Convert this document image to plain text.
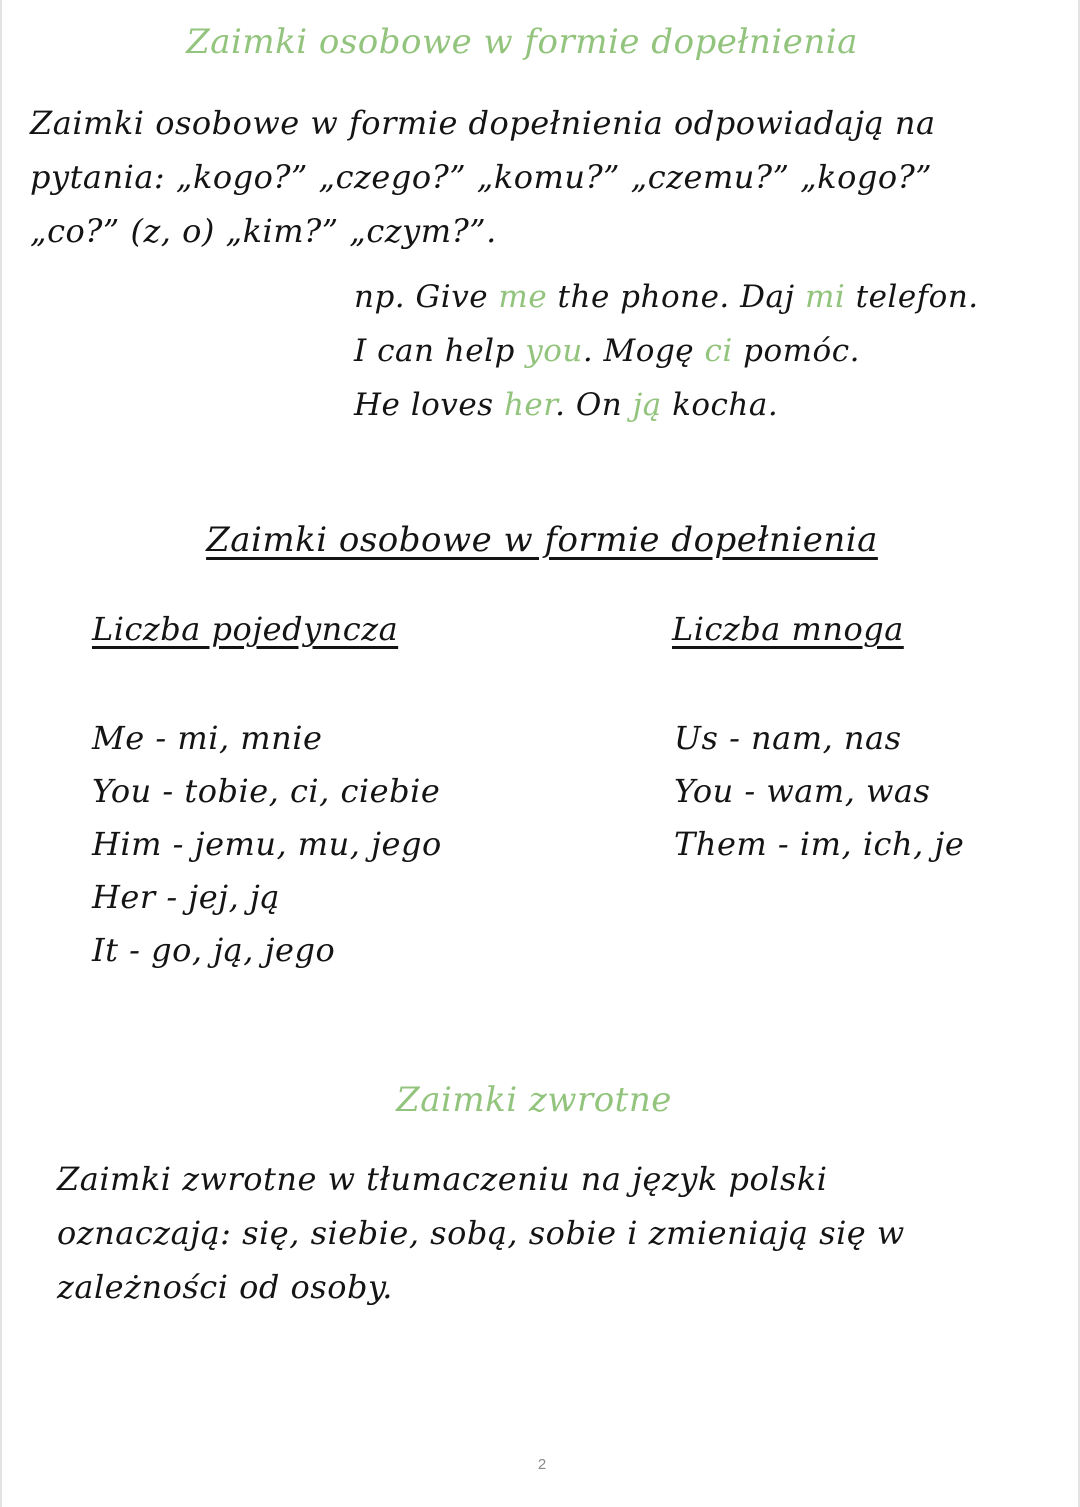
Zaimki osobowe w formie dopełnienia

Zaimki osobowe w formie dopełnienia odpowiadają na
pytania: „kogo?” „czego?” „komu?” „czemu?” „kogo?”
„co?” (z, o) „kim?” „czym?”.

np. Give me the phone. Daj mi telefon.
I can help you. Mogę ci pomóc.
He loves her. On ją kocha.
Zaimki osobowe w formie dopełnienia
Liczba pojedyncza	Liczba mnoga
Me - mi, mnie
You - tobie, ci, ciebie
Him - jemu, mu, jego
Her - jej, ją
It - go, ją, jego
Us - nam, nas
You - wam, was
Them - im, ich, je
Zaimki zwrotne

Zaimki zwrotne w tłumaczeniu na język polski
oznaczają: się, siebie, sobą, sobie i zmieniają się w
zależności od osoby.

2
